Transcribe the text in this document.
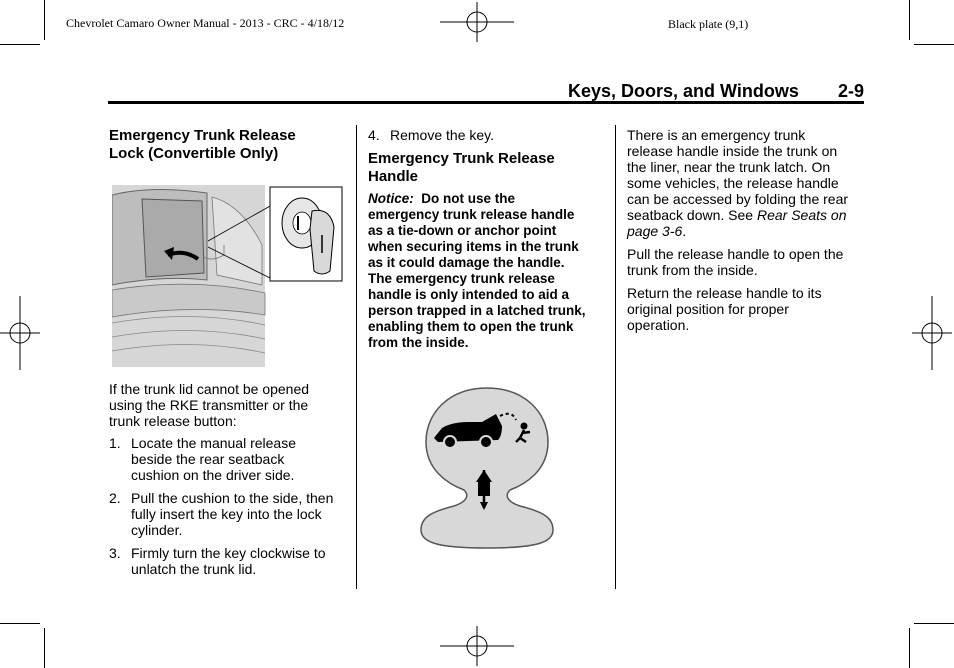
Chevrolet Camaro Owner Manual - 2013 - CRC - 4/18/12	Black plate (9,1)
Keys, Doors, and Windows 2-9
Emergency Trunk Release
Lock (Convertible Only)

If the trunk lid cannot be opened
using the RKE transmitter or the
trunk release button:

1. Locate the manual release
beside the rear seatback
cushion on the driver side.
2. Pull the cushion to the side, then
fully insert the key into the lock
cylinder.
3. Firmly turn the key clockwise to
unlatch the trunk lid.
4. Remove the key.
Emergency Trunk Release
Handle

Notice: Do not use the
emergency trunk release handle
as a tie-down or anchor point
when securing items in the trunk
as it could damage the handle.
The emergency trunk release
handle is only intended to aid a
person trapped in a latched trunk,
enabling them to open the trunk
from the inside.

There is an emergency trunk
release handle inside the trunk on
the liner, near the trunk latch. On
some vehicles, the release handle
can be accessed by folding the rear
seatback down. See Rear Seats on
page 3-6.

Pull the release handle to open the
trunk from the inside.

Return the release handle to its
original position for proper
operation.
